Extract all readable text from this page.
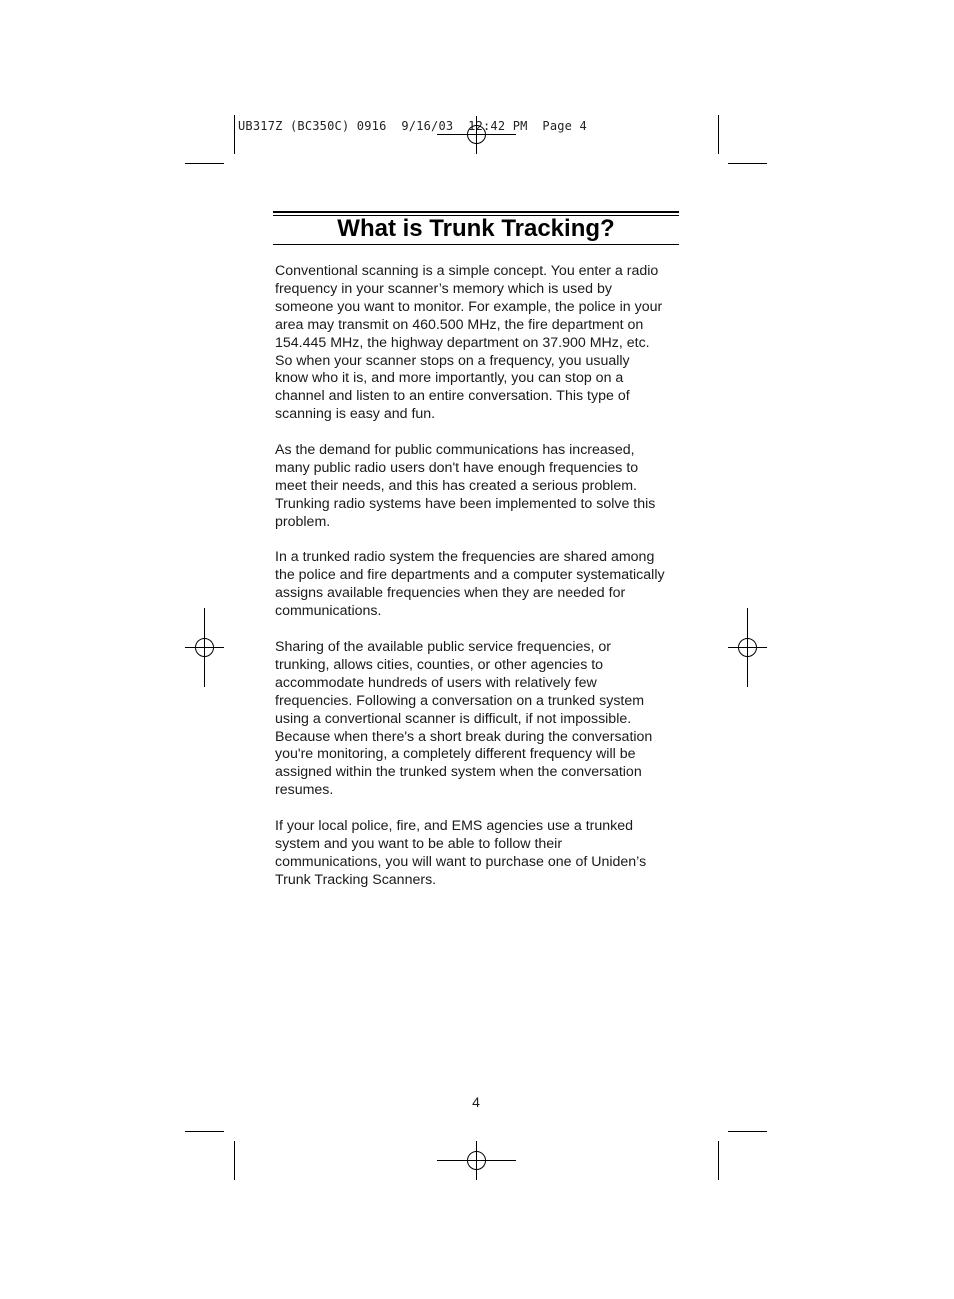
UB317Z (BC350C) 0916  9/16/03  12:42 PM  Page 4
What is Trunk Tracking?

Conventional scanning is a simple concept. You enter a radio
frequency in your scanner’s memory which is used by
someone you want to monitor. For example, the police in your
area may transmit on 460.500 MHz, the fire department on
154.445 MHz, the highway department on 37.900 MHz, etc.
So when your scanner stops on a frequency, you usually
know who it is, and more importantly, you can stop on a
channel and listen to an entire conversation. This type of
scanning is easy and fun.

As the demand for public communications has increased,
many public radio users don't have enough frequencies to
meet their needs, and this has created a serious problem.
Trunking radio systems have been implemented to solve this
problem.

In a trunked radio system the frequencies are shared among
the police and fire departments and a computer systematically
assigns available frequencies when they are needed for
communications.

Sharing of the available public service frequencies, or
trunking, allows cities, counties, or other agencies to
accommodate hundreds of users with relatively few
frequencies. Following a conversation on a trunked system
using a convertional scanner is difficult, if not impossible.
Because when there's a short break during the conversation
you're monitoring, a completely different frequency will be
assigned within the trunked system when the conversation
resumes.

If your local police, fire, and EMS agencies use a trunked
system and you want to be able to follow their
communications, you will want to purchase one of Uniden’s
Trunk Tracking Scanners.

4
